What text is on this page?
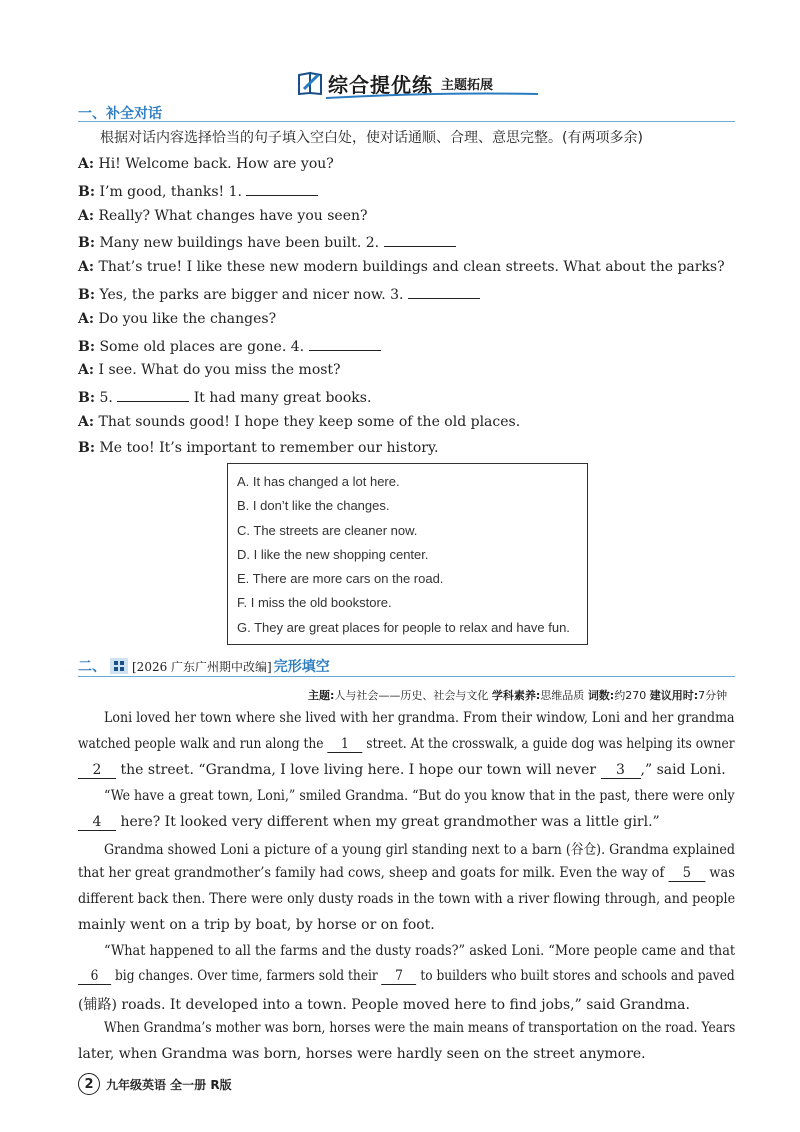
综合提优练 主题拓展
一、补全对话
根据对话内容选择恰当的句子填入空白处，使对话通顺、合理、意思完整。(有两项多余)
A: Hi! Welcome back. How are you?
B: I’m good, thanks! 1.
A: Really? What changes have you seen?
B: Many new buildings have been built. 2.
A: That’s true! I like these new modern buildings and clean streets. What about the parks?
B: Yes, the parks are bigger and nicer now. 3.
A: Do you like the changes?
B: Some old places are gone. 4.
A: I see. What do you miss the most?
B: 5.	It had many great books.
A: That sounds good! I hope they keep some of the old places.
B: Me too! It’s important to remember our history.
A. It has changed a lot here.
B. I don’t like the changes.
C. The streets are cleaner now.
D. I like the new shopping center.
E. There are more cars on the road.
F. I miss the old bookstore.
G. They are great places for people to relax and have fun.
二、 [2026 广东广州期中改编] 完形填空
主题:人与社会——历史、社会与文化 学科素养:思维品质 词数:约270 建议用时:7分钟
Loni loved her town where she lived with her grandma. From their window, Loni and her grandma
watched people walk and run along the 1 street. At the crosswalk, a guide dog was helping its owner
2 the street. “Grandma, I love living here. I hope our town will never 3 ,” said Loni.
“We have a great town, Loni,” smiled Grandma. “But do you know that in the past, there were only
4 here? It looked very different when my great grandmother was a little girl.”
Grandma showed Loni a picture of a young girl standing next to a barn (谷仓). Grandma explained
that her great grandmother’s family had cows, sheep and goats for milk. Even the way of 5 was
different back then. There were only dusty roads in the town with a river flowing through, and people
mainly went on a trip by boat, by horse or on foot.
“What happened to all the farms and the dusty roads?” asked Loni. “More people came and that
6 big changes. Over time, farmers sold their 7 to builders who built stores and schools and paved
(铺路) roads. It developed into a town. People moved here to find jobs,” said Grandma.
When Grandma’s mother was born, horses were the main means of transportation on the road. Years
later, when Grandma was born, horses were hardly seen on the street anymore.
2	九年级英语 全一册 R版
